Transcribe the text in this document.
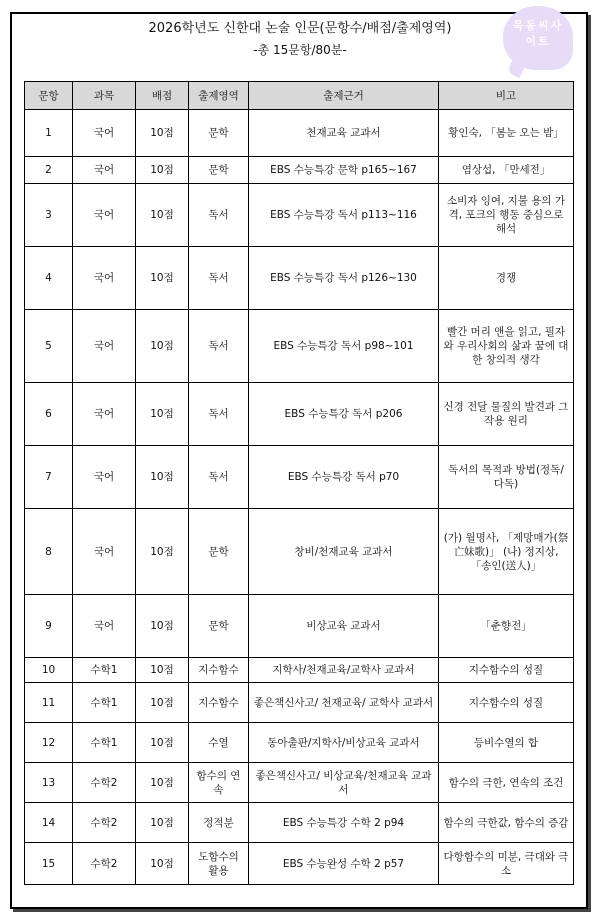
2026학년도 신한대 논술 인문(문항수/배점/출제영역)
-총 15문항/80분-
목동씨사
이트
문항	과목	배점	출제영역	출제근거	비고
1	국어	10점	문학	천재교육 교과서	황인숙, 「봄눈 오는 밤」
2	국어	10점	문학	EBS 수능특강 문학 p165~167	염상섭, 「만세전」
3	국어	10점	독서	EBS 수능특강 독서 p113~116	소비자 잉여, 지불 용의 가격, 포크의 행동 중심으로 해석
4	국어	10점	독서	EBS 수능특강 독서 p126~130	경쟁
5	국어	10점	독서	EBS 수능특강 독서 p98~101	빨간 머리 앤을 읽고, 필자와 우리사회의 삶과 꿈에 대한 창의적 생각
6	국어	10점	독서	EBS 수능특강 독서 p206	신경 전달 물질의 발견과 그 작용 원리
7	국어	10점	독서	EBS 수능특강 독서 p70	독서의 목적과 방법(정독/ 다독)
8	국어	10점	문학	창비/천재교육 교과서	(가) 월명사, 「제망매가(祭亡妹歌)」 (나) 정지상, 「송인(送人)」
9	국어	10점	문학	비상교육 교과서	「춘향전」
10	수학1	10점	지수함수	지학사/천재교육/교학사 교과서	지수함수의 성질
11	수학1	10점	지수함수	좋은책신사고/ 천재교육/ 교학사 교과서	지수함수의 성질
12	수학1	10점	수열	동아출판/지학사/비상교육 교과서	등비수열의 합
13	수학2	10점	함수의 연속	좋은책신사고/ 비상교육/천재교육 교과서	함수의 극한, 연속의 조건
14	수학2	10점	정적분	EBS 수능특강 수학 2 p94	함수의 극한값, 함수의 증감
15	수학2	10점	도함수의 활용	EBS 수능완성 수학 2 p57	다항함수의 미분, 극대와 극소
